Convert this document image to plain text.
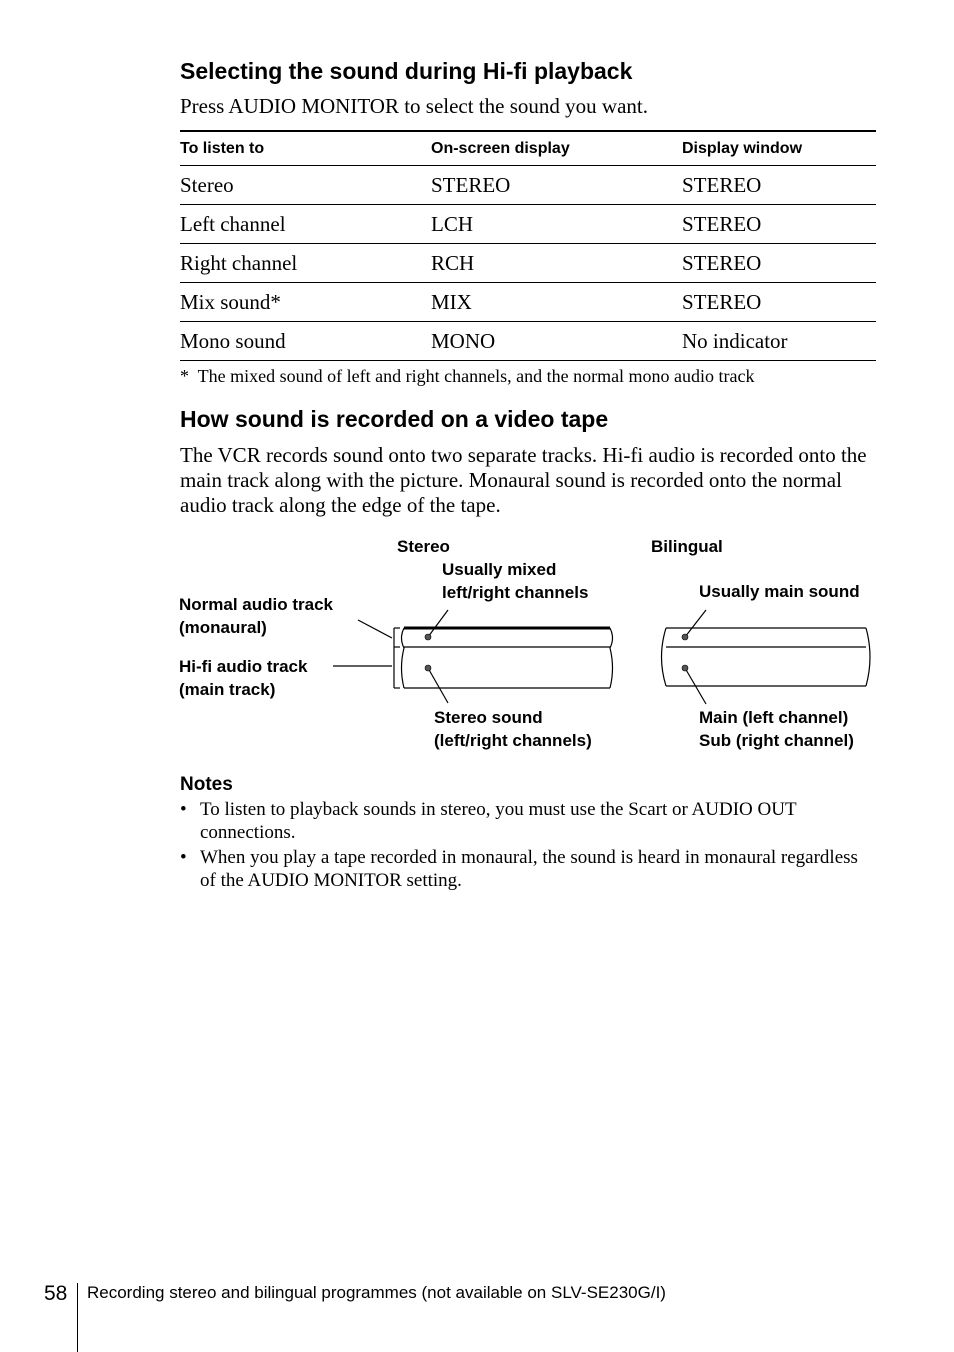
Selecting the sound during Hi-fi playback
Press AUDIO MONITOR to select the sound you want.
To listen to	On-screen display	Display window
Stereo	STEREO	STEREO
Left channel	LCH	STEREO
Right channel	RCH	STEREO
Mix sound*	MIX	STEREO
Mono sound	MONO	No indicator
*  The mixed sound of left and right channels, and the normal mono audio track
How sound is recorded on a video tape
The VCR records sound onto two separate tracks. Hi-fi audio is recorded onto the main track along with the picture. Monaural sound is recorded onto the normal audio track along the edge of the tape.
Stereo	Bilingual
Usually mixed
left/right channels	Usually main sound
Normal audio track
(monaural)
Hi-fi audio track
(main track)
Stereo sound
(left/right channels)
Main (left channel)
Sub (right channel)
Notes
• To listen to playback sounds in stereo, you must use the Scart or AUDIO OUT connections.
• When you play a tape recorded in monaural, the sound is heard in monaural regardless of the AUDIO MONITOR setting.
58 Recording stereo and bilingual programmes (not available on SLV-SE230G/I)
